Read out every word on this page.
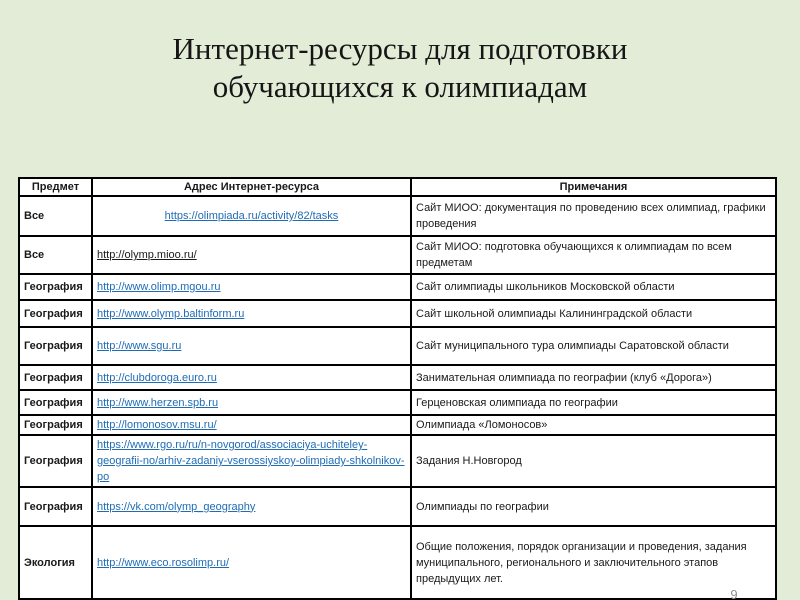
Интернет-ресурсы для подготовки
обучающихся к олимпиадам
Предмет	Адрес Интернет-ресурса	Примечания
Все	https://olimpiada.ru/activity/82/tasks	Сайт МИОО: документация по проведению всех олимпиад, графики проведения
Все	http://olymp.mioo.ru/	Сайт МИОО: подготовка обучающихся к олимпиадам по всем предметам
География	http://www.olimp.mgou.ru	Сайт олимпиады школьников Московской области
География	http://www.olymp.baltinform.ru	Сайт школьной олимпиады Калининградской области
География	http://www.sgu.ru	Сайт муниципального тура олимпиады Саратовской области
География	http://clubdoroga.euro.ru	Занимательная олимпиада по географии (клуб «Дорога»)
География	http://www.herzen.spb.ru	Герценовская олимпиада по географии
География	http://lomonosov.msu.ru/	Олимпиада «Ломоносов»
География	https://www.rgo.ru/ru/n-novgorod/associaciya-uchiteley-geografii-no/arhiv-zadaniy-vserossiyskoy-olimpiady-shkolnikov-po	Задания Н.Новгород
География	https://vk.com/olymp_geography	Олимпиады по географии
Экология	http://www.eco.rosolimp.ru/	Общие положения, порядок организации и проведения, задания муниципального, регионального и заключительного этапов предыдущих лет.
9
